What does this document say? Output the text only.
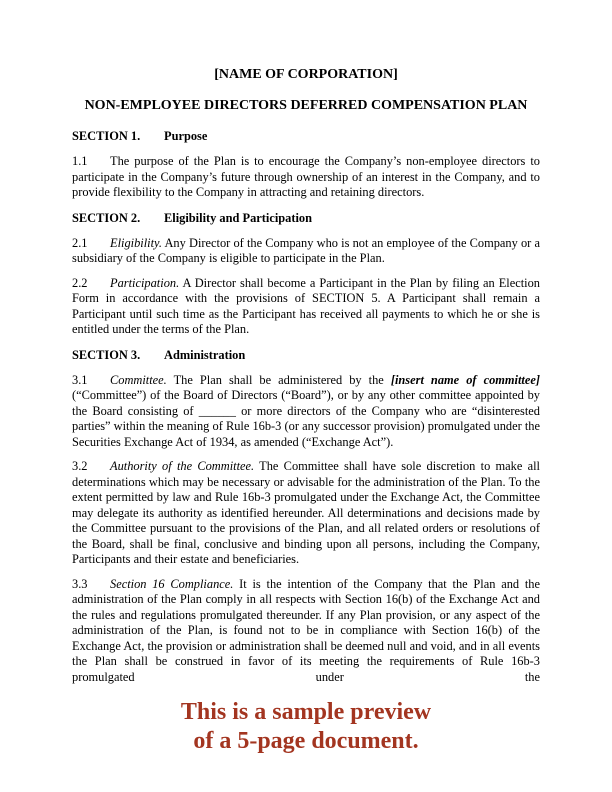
[NAME OF CORPORATION]
NON-EMPLOYEE DIRECTORS DEFERRED COMPENSATION PLAN

SECTION 1. Purpose

1.1 The purpose of the Plan is to encourage the Company’s non-employee directors to participate in the Company’s future through ownership of an interest in the Company, and to provide flexibility to the Company in attracting and retaining directors.

SECTION 2. Eligibility and Participation

2.1 Eligibility. Any Director of the Company who is not an employee of the Company or a subsidiary of the Company is eligible to participate in the Plan.

2.2 Participation. A Director shall become a Participant in the Plan by filing an Election Form in accordance with the provisions of SECTION 5. A Participant shall remain a Participant until such time as the Participant has received all payments to which he or she is entitled under the terms of the Plan.

SECTION 3. Administration

3.1 Committee. The Plan shall be administered by the [insert name of committee] (“Committee”) of the Board of Directors (“Board”), or by any other committee appointed by the Board consisting of ______ or more directors of the Company who are “disinterested parties” within the meaning of Rule 16b-3 (or any successor provision) promulgated under the Securities Exchange Act of 1934, as amended (“Exchange Act”).

3.2 Authority of the Committee. The Committee shall have sole discretion to make all determinations which may be necessary or advisable for the administration of the Plan. To the extent permitted by law and Rule 16b-3 promulgated under the Exchange Act, the Committee may delegate its authority as identified hereunder. All determinations and decisions made by the Committee pursuant to the provisions of the Plan, and all related orders or resolutions of the Board, shall be final, conclusive and binding upon all persons, including the Company, Participants and their estate and beneficiaries.

3.3 Section 16 Compliance. It is the intention of the Company that the Plan and the administration of the Plan comply in all respects with Section 16(b) of the Exchange Act and the rules and regulations promulgated thereunder. If any Plan provision, or any aspect of the administration of the Plan, is found not to be in compliance with Section 16(b) of the Exchange Act, the provision or administration shall be deemed null and void, and in all events the Plan shall be construed in favor of its meeting the requirements of Rule 16b-3 promulgated under the

This is a sample preview
of a 5-page document.
